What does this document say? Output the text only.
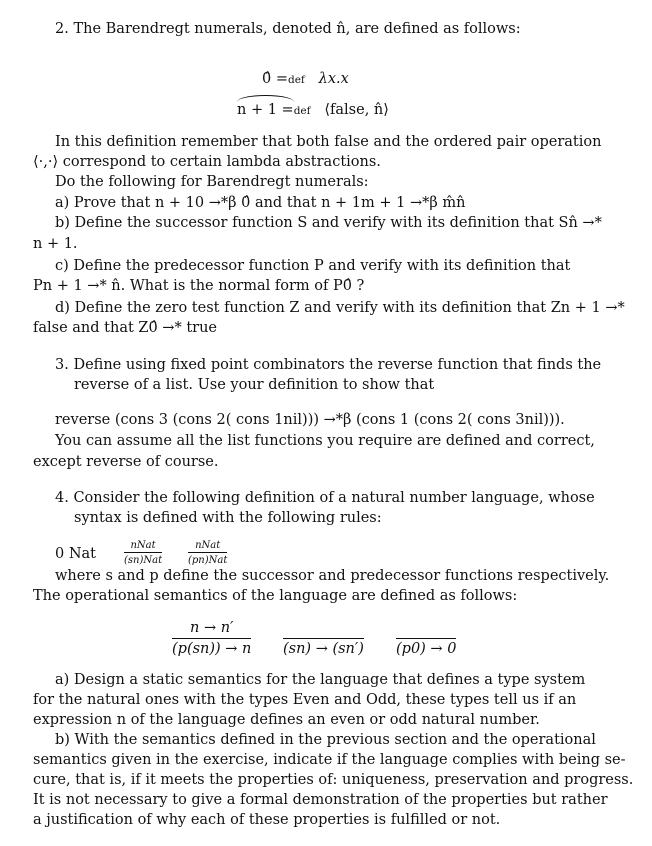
2. The Barendregt numerals, denoted n̂, are defined as follows:
0̂ =def λx.x
n + 1 =def ⟨false, n̂⟩
In this definition remember that both false and the ordered pair operation
⟨·,·⟩ correspond to certain lambda abstractions.
Do the following for Barendregt numerals:
a) Prove that n + 10 →*β 0̂ and that n + 1m + 1 →*β m̂n̂
b) Define the successor function S and verify with its definition that Sn̂ →*
n + 1.
c) Define the predecessor function P and verify with its definition that
Pn + 1 →* n̂. What is the normal form of P0̂ ?
d) Define the zero test function Z and verify with its definition that Zn + 1 →*
false and that Z0̂ →* true
3. Define using fixed point combinators the reverse function that finds the
reverse of a list. Use your definition to show that
reverse (cons 3 (cons 2( cons 1nil))) →*β (cons 1 (cons 2( cons 3nil))).
You can assume all the list functions you require are defined and correct,
except reverse of course.
4. Consider the following definition of a natural number language, whose
syntax is defined with the following rules:
0 Nat
nNat
(sn)Nat
nNat
(pn)Nat
where s and p define the successor and predecessor functions respectively.
The operational semantics of the language are defined as follows:
$\frac{n \to n'}{(p(sn)) \to n}$
(sn) → (sn′)
(p0) → 0
a) Design a static semantics for the language that defines a type system
for the natural ones with the types Even and Odd, these types tell us if an
expression n of the language defines an even or odd natural number.
b) With the semantics defined in the previous section and the operational
semantics given in the exercise, indicate if the language complies with being se-
cure, that is, if it meets the properties of: uniqueness, preservation and progress.
It is not necessary to give a formal demonstration of the properties but rather
a justification of why each of these properties is fulfilled or not.
